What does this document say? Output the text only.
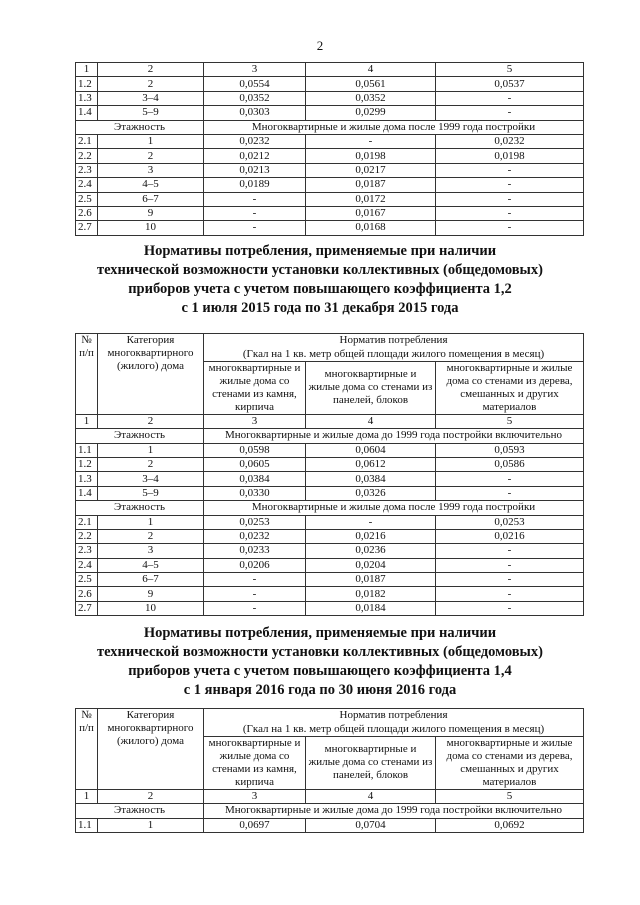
2
1	2	3	4	5
1.2	2	0,0554	0,0561	0,0537
1.3	3–4	0,0352	0,0352	-
1.4	5–9	0,0303	0,0299	-
Этажность		Многоквартирные и жилые дома после 1999 года постройки		
2.1	1	0,0232	-	0,0232
2.2	2	0,0212	0,0198	0,0198
2.3	3	0,0213	0,0217	-
2.4	4–5	0,0189	0,0187	-
2.5	6–7	-	0,0172	-
2.6	9	-	0,0167	-
2.7	10	-	0,0168	-
Нормативы потребления, применяемые при наличии
технической возможности установки коллективных (общедомовых)
приборов учета с учетом повышающего коэффициента 1,2
с 1 июля 2015 года по 31 декабря 2015 года
№ п/п	Категория многоквартирного (жилого) дома	Норматив потребления		
		(Гкал на 1 кв. метр общей площади жилого помещения в месяц)		
		многоквартирные и жилые дома со стенами из камня, кирпича	многоквартирные и жилые дома со стенами из панелей, блоков	многоквартирные и жилые дома со стенами из дерева, смешанных и других материалов
1	2	3	4	5
Этажность		Многоквартирные и жилые дома до 1999 года постройки включительно		
1.1	1	0,0598	0,0604	0,0593
1.2	2	0,0605	0,0612	0,0586
1.3	3–4	0,0384	0,0384	-
1.4	5–9	0,0330	0,0326	-
Этажность		Многоквартирные и жилые дома после 1999 года постройки		
2.1	1	0,0253	-	0,0253
2.2	2	0,0232	0,0216	0,0216
2.3	3	0,0233	0,0236	-
2.4	4–5	0,0206	0,0204	-
2.5	6–7	-	0,0187	-
2.6	9	-	0,0182	-
2.7	10	-	0,0184	-
Нормативы потребления, применяемые при наличии
технической возможности установки коллективных (общедомовых)
приборов учета с учетом повышающего коэффициента 1,4
с 1 января 2016 года по 30 июня 2016 года
№ п/п	Категория многоквартирного (жилого) дома	Норматив потребления		
		(Гкал на 1 кв. метр общей площади жилого помещения в месяц)		
		многоквартирные и жилые дома со стенами из камня, кирпича	многоквартирные и жилые дома со стенами из панелей, блоков	многоквартирные и жилые дома со стенами из дерева, смешанных и других материалов
1	2	3	4	5
Этажность		Многоквартирные и жилые дома до 1999 года постройки включительно		
1.1	1	0,0697	0,0704	0,0692
